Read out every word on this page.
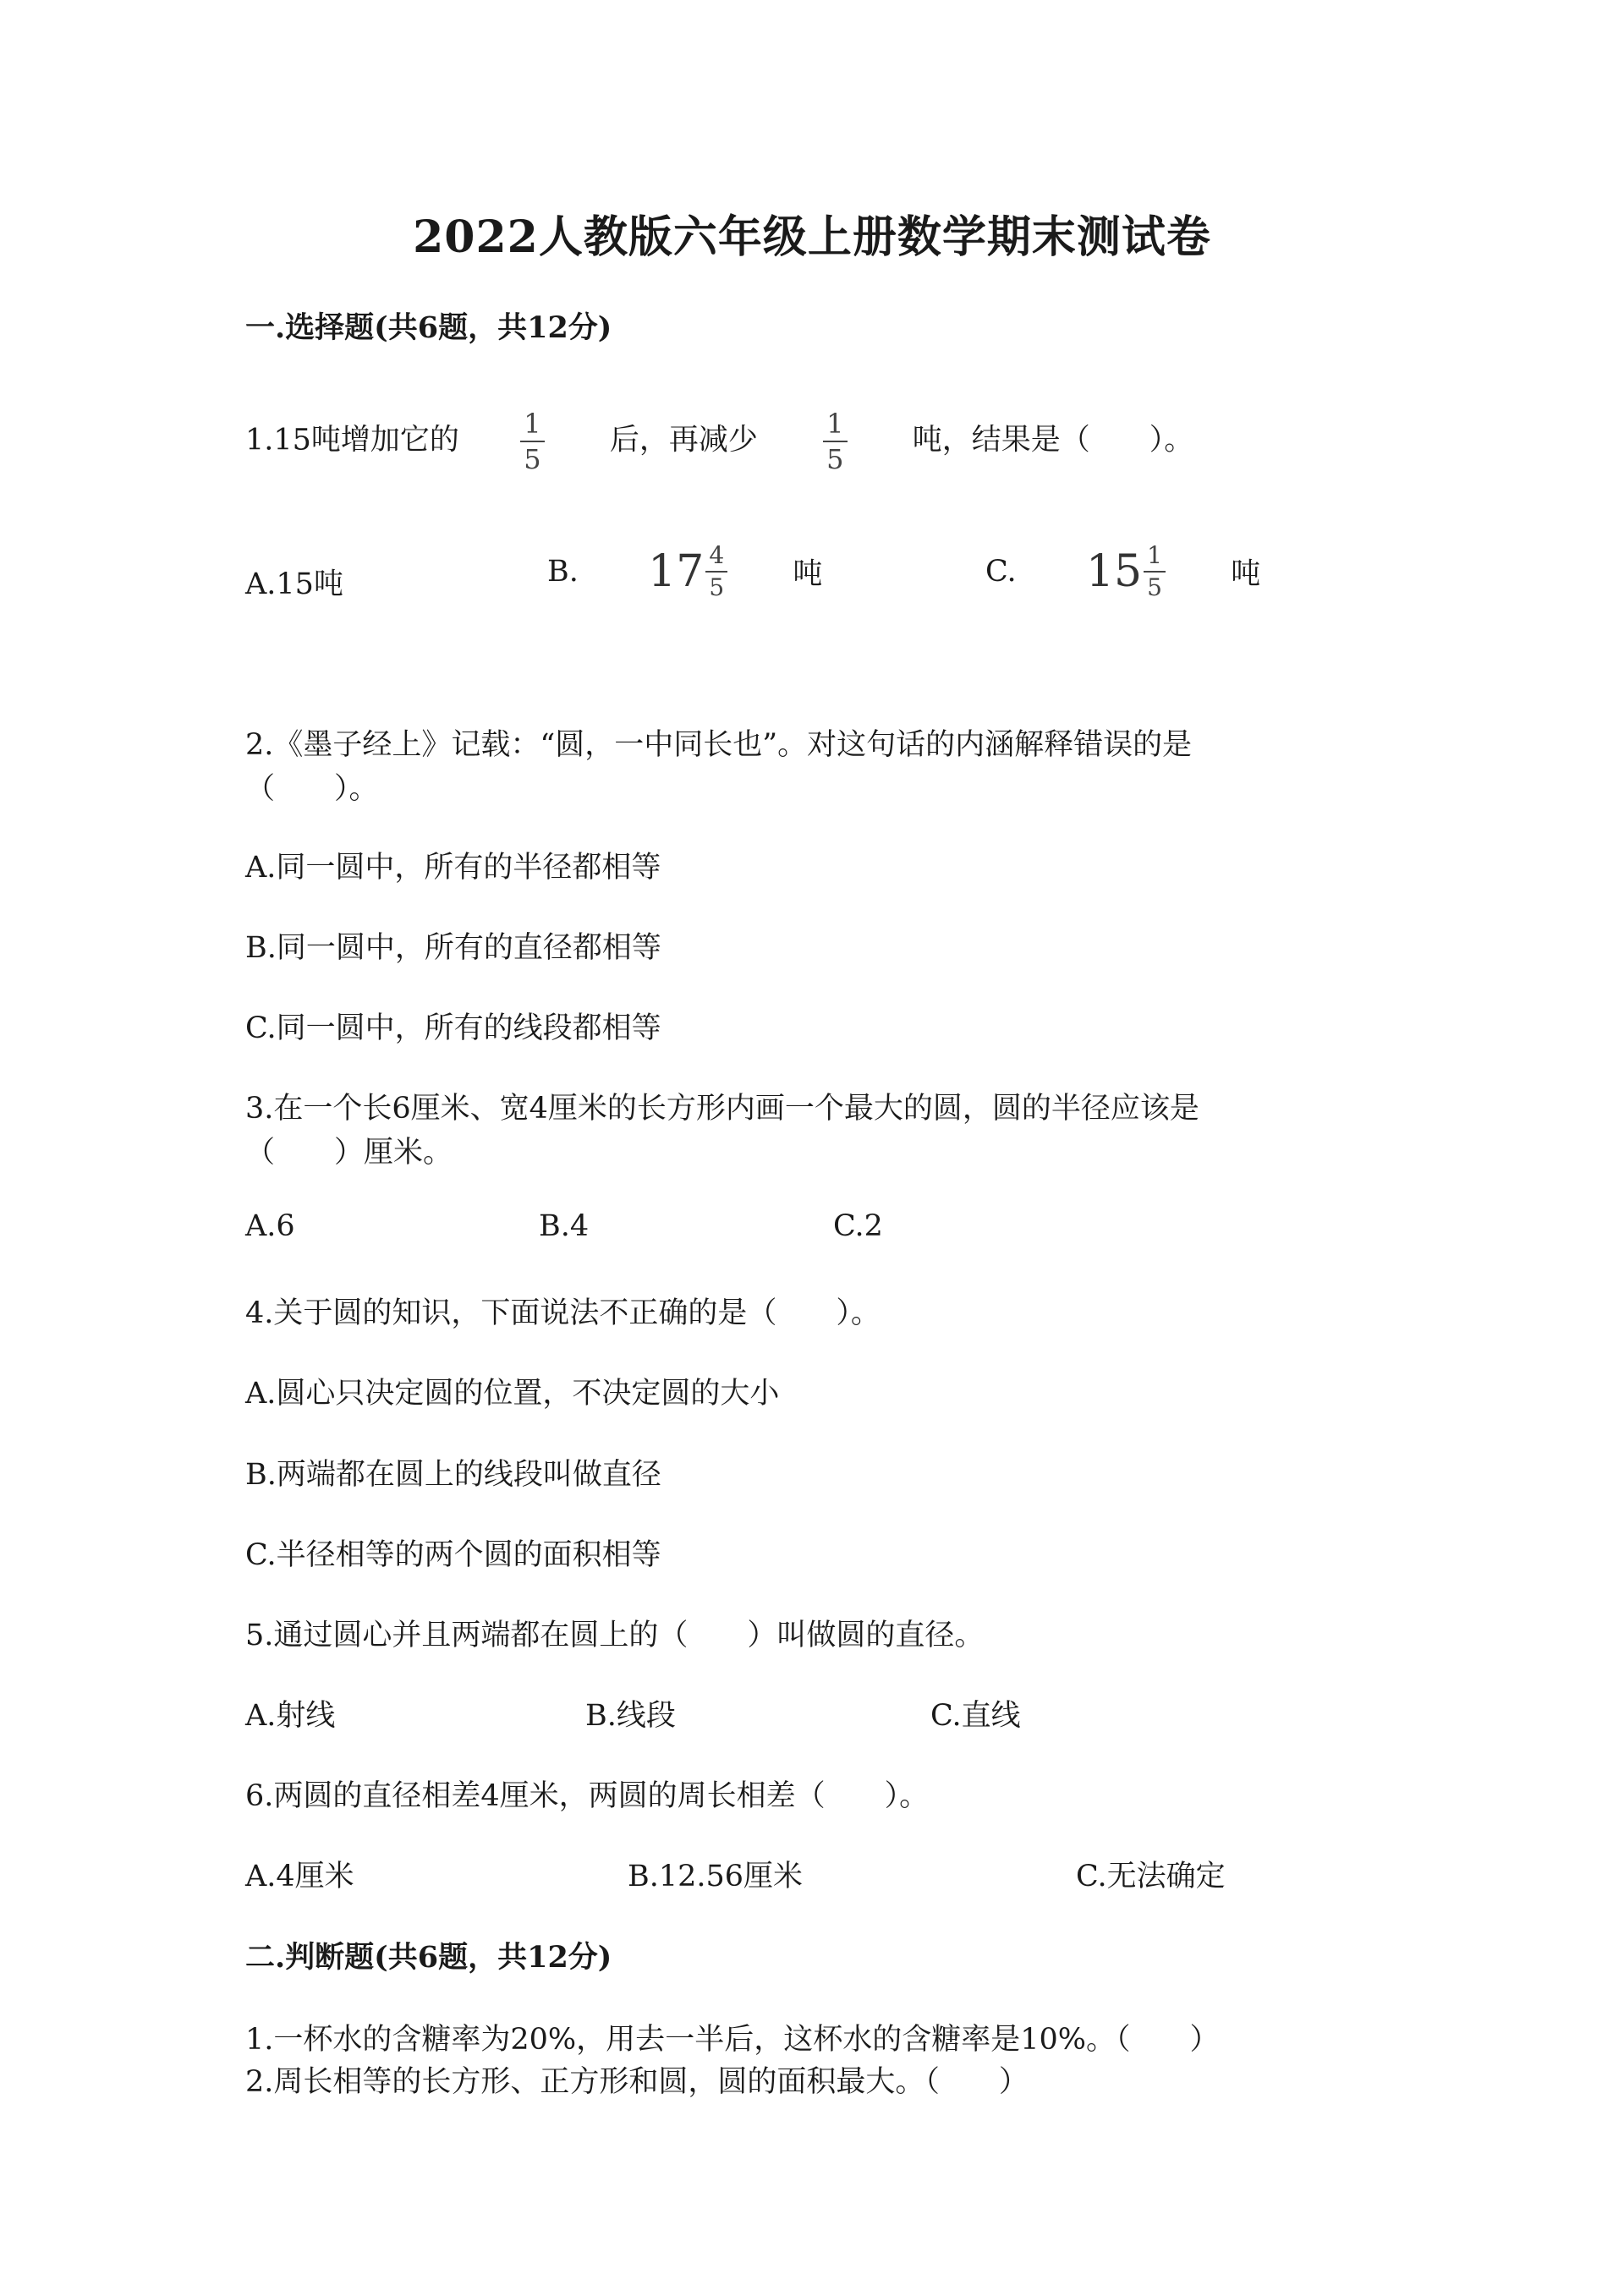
2022人教版六年级上册数学期末测试卷
一.选择题(共6题，共12分)
1.15吨增加它的 $\frac{1}{5}$ 后，再减少 $\frac{1}{5}$ 吨，结果是（　　）。
A.15吨	B. $17 \frac{4}{5}$ 吨	C. $15 \frac{1}{5}$ 吨
2.《墨子经上》记载：“圆，一中同长也”。对这句话的内涵解释错误的是
（　　）。
A.同一圆中，所有的半径都相等
B.同一圆中，所有的直径都相等
C.同一圆中，所有的线段都相等
3.在一个长6厘米、宽4厘米的长方形内画一个最大的圆，圆的半径应该是
（　　）厘米。
A.6	B.4	C.2
4.关于圆的知识，下面说法不正确的是（　　）。
A.圆心只决定圆的位置，不决定圆的大小
B.两端都在圆上的线段叫做直径
C.半径相等的两个圆的面积相等
5.通过圆心并且两端都在圆上的（　　）叫做圆的直径。
A.射线	B.线段	C.直线
6.两圆的直径相差4厘米，两圆的周长相差（　　）。
A.4厘米	B.12.56厘米	C.无法确定
二.判断题(共6题，共12分)
1.一杯水的含糖率为20%，用去一半后，这杯水的含糖率是10%。（　　）
2.周长相等的长方形、正方形和圆，圆的面积最大。（　　）
